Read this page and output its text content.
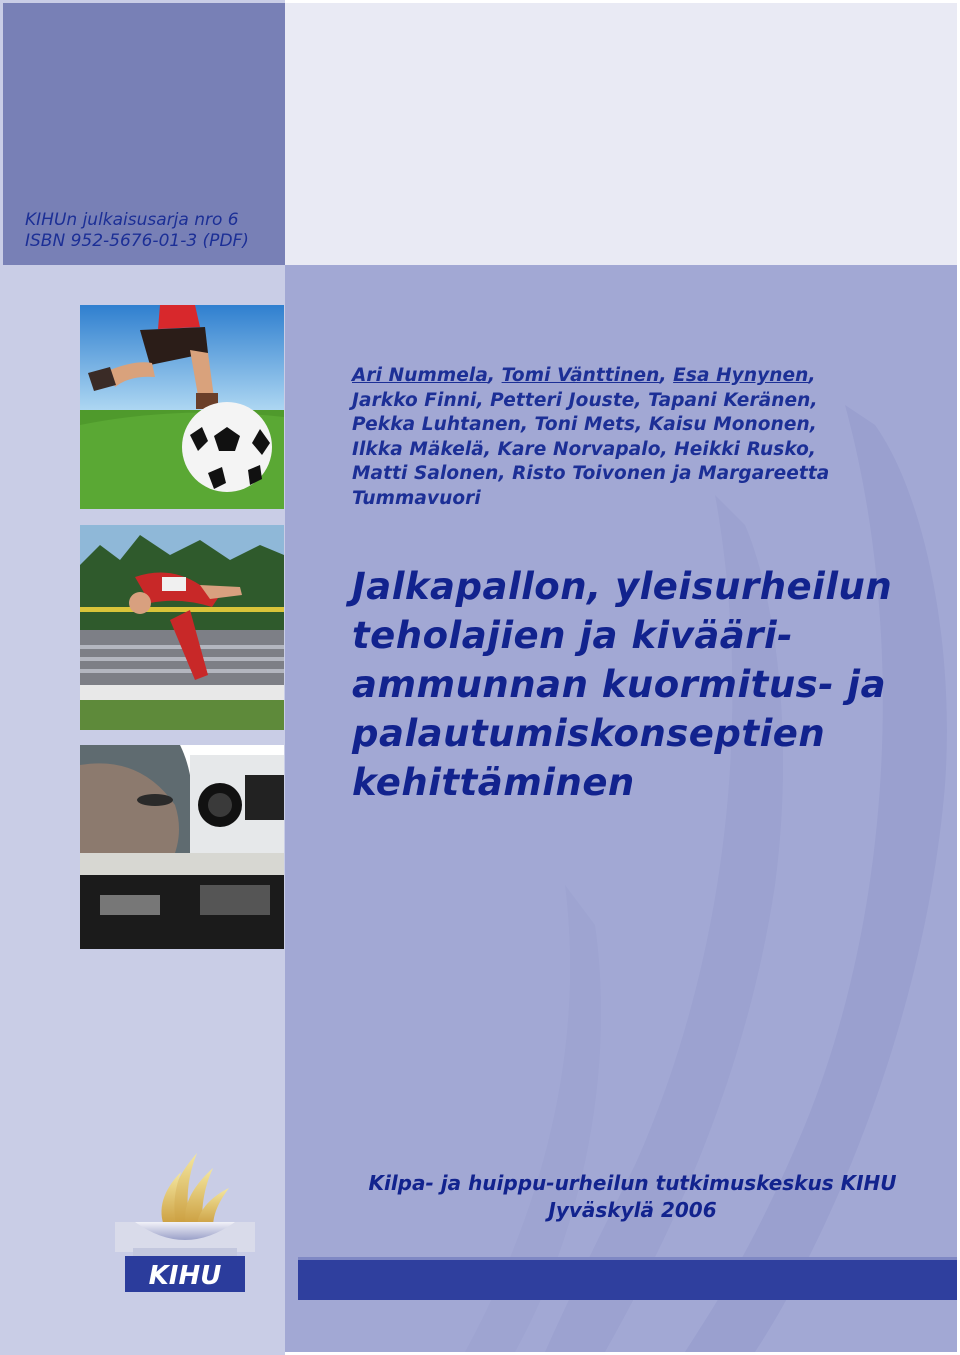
KIHUn julkaisusarja nro 6
ISBN 952-5676-01-3 (PDF)
Ari Nummela, Tomi Vänttinen, Esa Hynynen,
Jarkko Finni, Petteri Jouste, Tapani Keränen,
Pekka Luhtanen, Toni Mets, Kaisu Mononen,
Ilkka Mäkelä, Kare Norvapalo, Heikki Rusko,
Matti Salonen, Risto Toivonen ja Margareetta
Tummavuori
Jalkapallon, yleisurheilun
teholajien ja kivääri-
ammunnan kuormitus- ja
palautumiskonseptien
kehittäminen
Kilpa- ja huippu-urheilun tutkimuskeskus KIHU
Jyväskylä 2006
KIHU
